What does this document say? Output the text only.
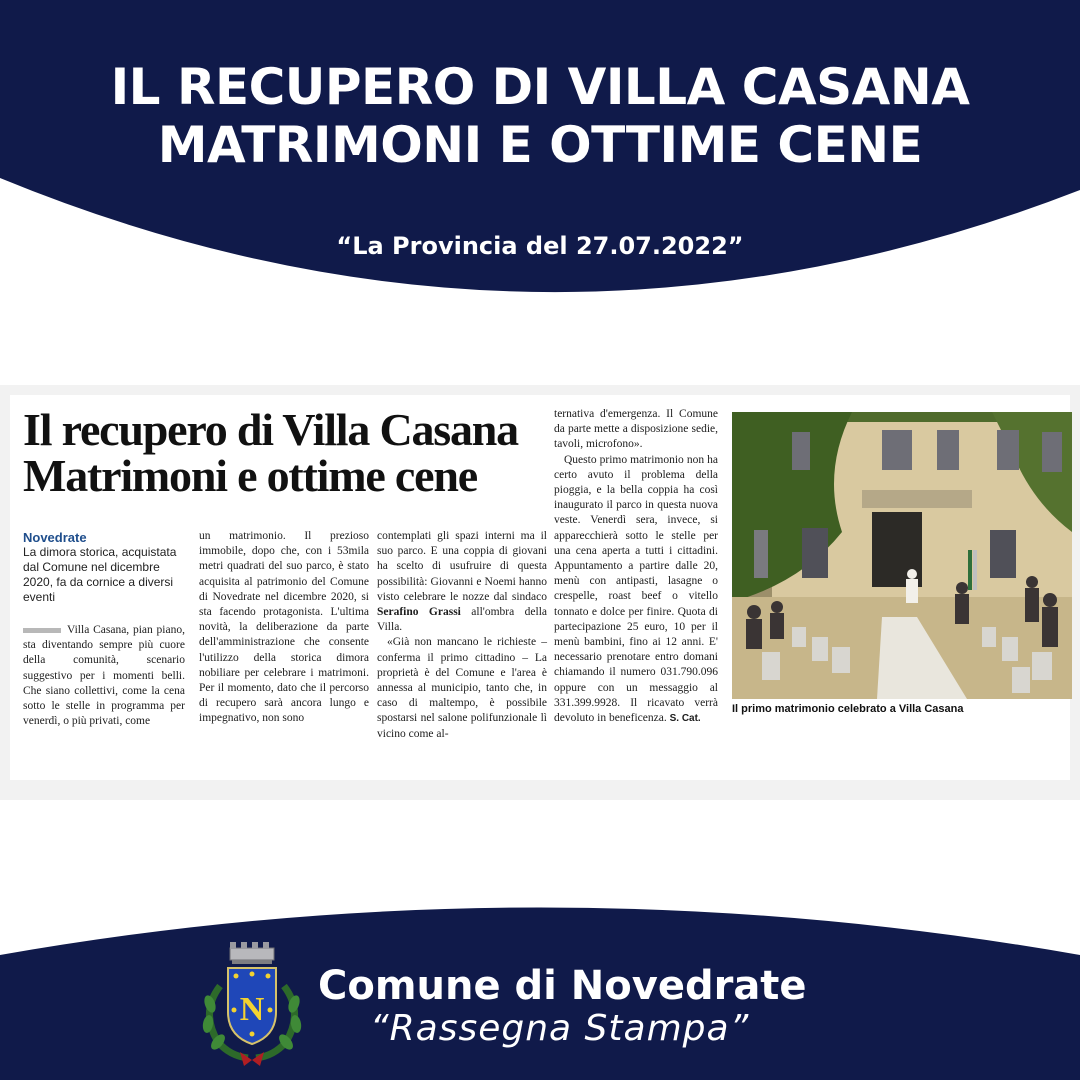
IL RECUPERO DI VILLA CASANA
MATRIMONI E OTTIME CENE
“La Provincia del 27.07.2022”
Il recupero di Villa Casana
Matrimoni e ottime cene
Novedrate
La dimora storica, acquistata dal Comune nel dicembre 2020, fa da cornice a diversi eventi
Villa Casana, pian piano, sta diventando sempre più cuore della comunità, scenario suggestivo per i momenti belli. Che siano collettivi, come la cena sotto le stelle in programma per venerdì, o più privati, come
un matrimonio. Il prezioso immobile, dopo che, con i 53mila metri quadrati del suo parco, è stato acquisita al patrimonio del Comune di Novedrate nel dicembre 2020, si sta facendo protagonista. L'ultima novità, la deliberazione da parte dell'amministrazione che consente l'utilizzo della storica dimora nobiliare per celebrare i matrimoni. Per il momento, dato che il percorso di recupero sarà ancora lungo e impegnativo, non sono
contemplati gli spazi interni ma il suo parco. E una coppia di giovani ha scelto di usufruire di questa possibilità: Giovanni e Noemi hanno visto celebrare le nozze dal sindaco Serafino Grassi all'ombra della Villa.
«Già non mancano le richieste – conferma il primo cittadino – La proprietà è del Comune e l'area è annessa al municipio, tanto che, in caso di maltempo, è possibile spostarsi nel salone polifunzionale lì vicino come al-
ternativa d'emergenza. Il Comune da parte mette a disposizione sedie, tavoli, microfono».
Questo primo matrimonio non ha certo avuto il problema della pioggia, e la bella coppia ha così inaugurato il parco in questa nuova veste. Venerdì sera, invece, si apparecchierà sotto le stelle per una cena aperta a tutti i cittadini. Appuntamento a partire dalle 20, menù con antipasti, lasagne o crespelle, roast beef o vitello tonnato e dolce per finire. Quota di partecipazione 25 euro, 10 per il menù bambini, fino ai 12 anni. E' necessario prenotare entro domani chiamando il numero 031.790.096 oppure con un messaggio al 331.399.9928. Il ricavato verrà devoluto in beneficenza. S. Cat.
Il primo matrimonio celebrato a Villa Casana
N
Comune di Novedrate
“Rassegna Stampa”
